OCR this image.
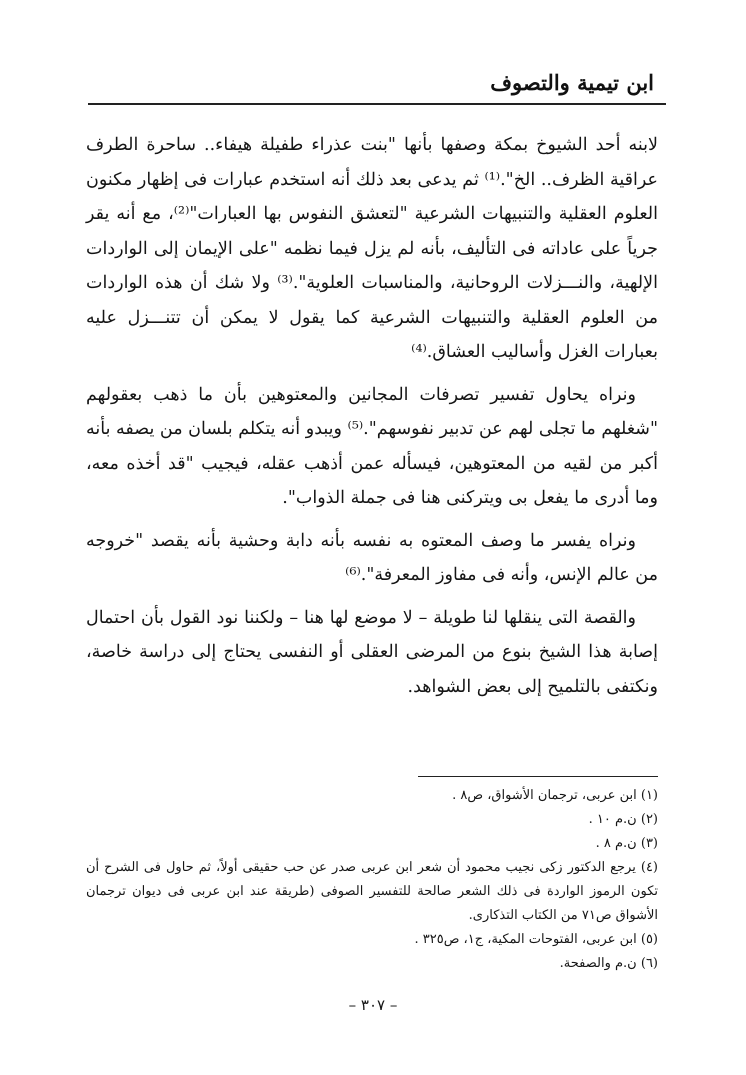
ابن تيمية والتصوف

لابنه أحد الشيوخ بمكة وصفها بأنها "بنت عذراء طفيلة هيفاء.. ساحرة الطرف عراقية الظرف.. الخ".⁽¹⁾ ثم يدعى بعد ذلك أنه استخدم عبارات فى إظهار مكنون العلوم العقلية والتنبيهات الشرعية "لتعشق النفوس بها العبارات"⁽²⁾، مع أنه يقر جرياً على عاداته فى التأليف، بأنه لم يزل فيما نظمه "على الإيمان إلى الواردات الإلهية، والنـــزلات الروحانية، والمناسبات العلوية".⁽³⁾ ولا شك أن هذه الواردات من العلوم العقلية والتنبيهات الشرعية كما يقول لا يمكن أن تتنـــزل عليه بعبارات الغزل وأساليب العشاق.⁽⁴⁾

ونراه يحاول تفسير تصرفات المجانين والمعتوهين بأن ما ذهب بعقولهم "شغلهم ما تجلى لهم عن تدبير نفوسهم".⁽⁵⁾ ويبدو أنه يتكلم بلسان من يصفه بأنه أكبر من لقيه من المعتوهين، فيسأله عمن أذهب عقله، فيجيب "قد أخذه معه، وما أدرى ما يفعل بى ويتركنى هنا فى جملة الذواب".

ونراه يفسر ما وصف المعتوه به نفسه بأنه دابة وحشية بأنه يقصد "خروجه من عالم الإنس، وأنه فى مفاوز المعرفة".⁽⁶⁾

والقصة التى ينقلها لنا طويلة – لا موضع لها هنا – ولكننا نود القول بأن احتمال إصابة هذا الشيخ بنوع من المرضى العقلى أو النفسى يحتاج إلى دراسة خاصة، ونكتفى بالتلميح إلى بعض الشواهد.

(١) ابن عربى، ترجمان الأشواق، ص٨ .

(٢) ن.م ١٠ .

(٣) ن.م ٨ .

(٤) يرجع الدكتور زكى نجيب محمود أن شعر ابن عربى صدر عن حب حقيقى أولاً، ثم حاول فى الشرح أن تكون الرموز الواردة فى ذلك الشعر صالحة للتفسير الصوفى (طريقة عند ابن عربى فى ديوان ترجمان الأشواق ص٧١ من الكتاب التذكارى.

(٥) ابن عربى، الفتوحات المكية، ج١، ص٣٢٥ .

(٦) ن.م والصفحة.

– ٣٠٧ –
